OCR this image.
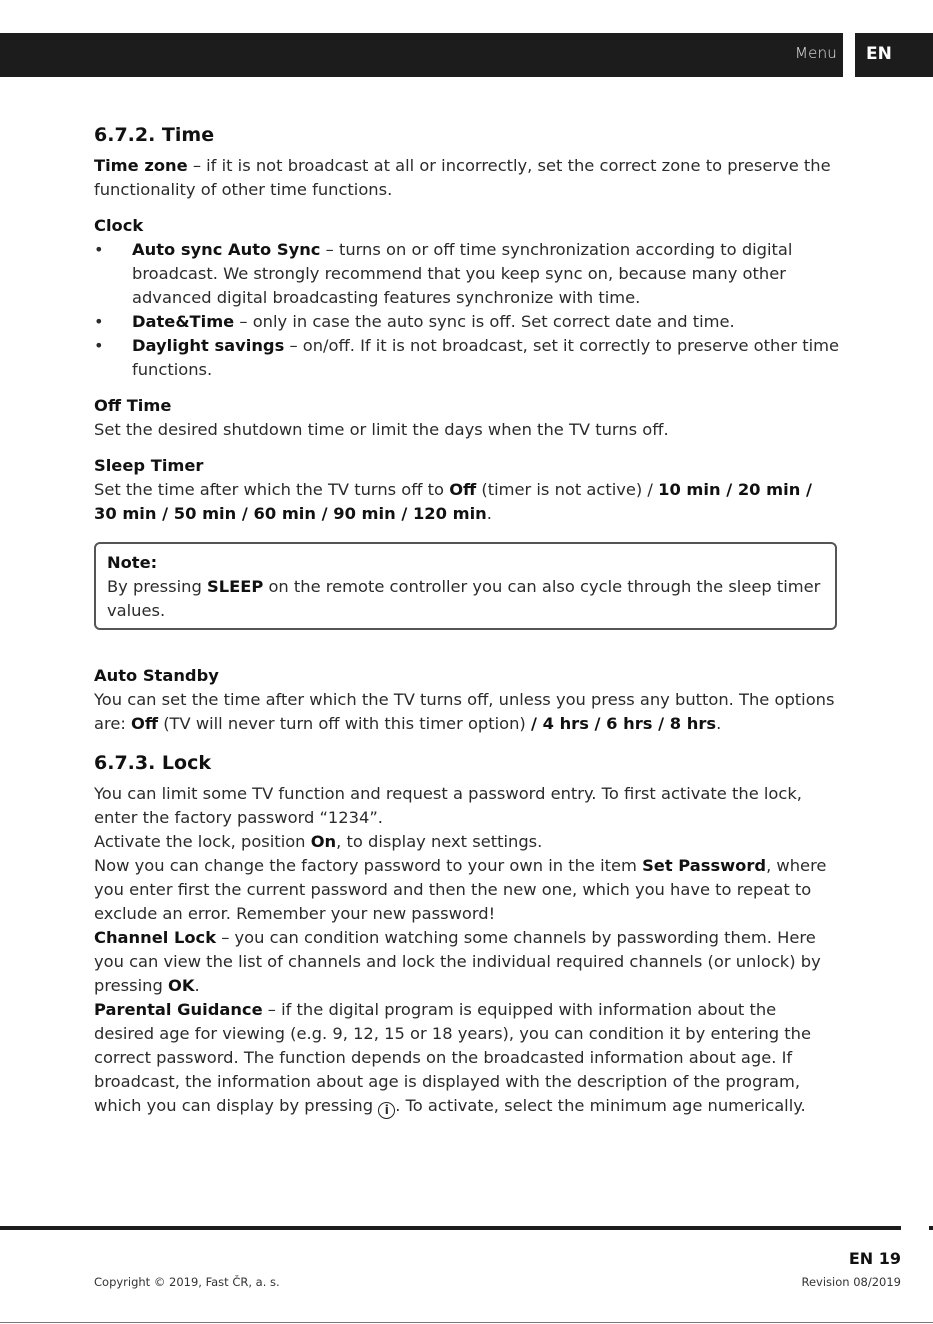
Menu	EN
6.7.2. Time

Time zone – if it is not broadcast at all or incorrectly, set the correct zone to preserve the functionality of other time functions.

Clock

• Auto sync Auto Sync – turns on or off time synchronization according to digital broadcast. We strongly recommend that you keep sync on, because many other advanced digital broadcasting features synchronize with time.
• Date&Time – only in case the auto sync is off. Set correct date and time.
• Daylight savings – on/off. If it is not broadcast, set it correctly to preserve other time functions.

Off Time

Set the desired shutdown time or limit the days when the TV turns off.

Sleep Timer

Set the time after which the TV turns off to Off (timer is not active) / 10 min / 20 min / 30 min / 50 min / 60 min / 90 min / 120 min.

Note:

By pressing SLEEP on the remote controller you can also cycle through the sleep timer values.

Auto Standby

You can set the time after which the TV turns off, unless you press any button. The options are: Off (TV will never turn off with this timer option) / 4 hrs / 6 hrs / 8 hrs.

6.7.3. Lock

You can limit some TV function and request a password entry. To first activate the lock, enter the factory password “1234”.

Activate the lock, position On, to display next settings.

Now you can change the factory password to your own in the item Set Password, where you enter first the current password and then the new one, which you have to repeat to exclude an error. Remember your new password!

Channel Lock – you can condition watching some channels by passwording them. Here you can view the list of channels and lock the individual required channels (or unlock) by pressing OK.

Parental Guidance – if the digital program is equipped with information about the desired age for viewing (e.g. 9, 12, 15 or 18 years), you can condition it by entering the correct password. The function depends on the broadcasted information about age. If broadcast, the information about age is displayed with the description of the program, which you can display by pressing i . To activate, select the minimum age numerically.

EN 19
Copyright © 2019, Fast ČR, a. s.	Revision 08/2019
